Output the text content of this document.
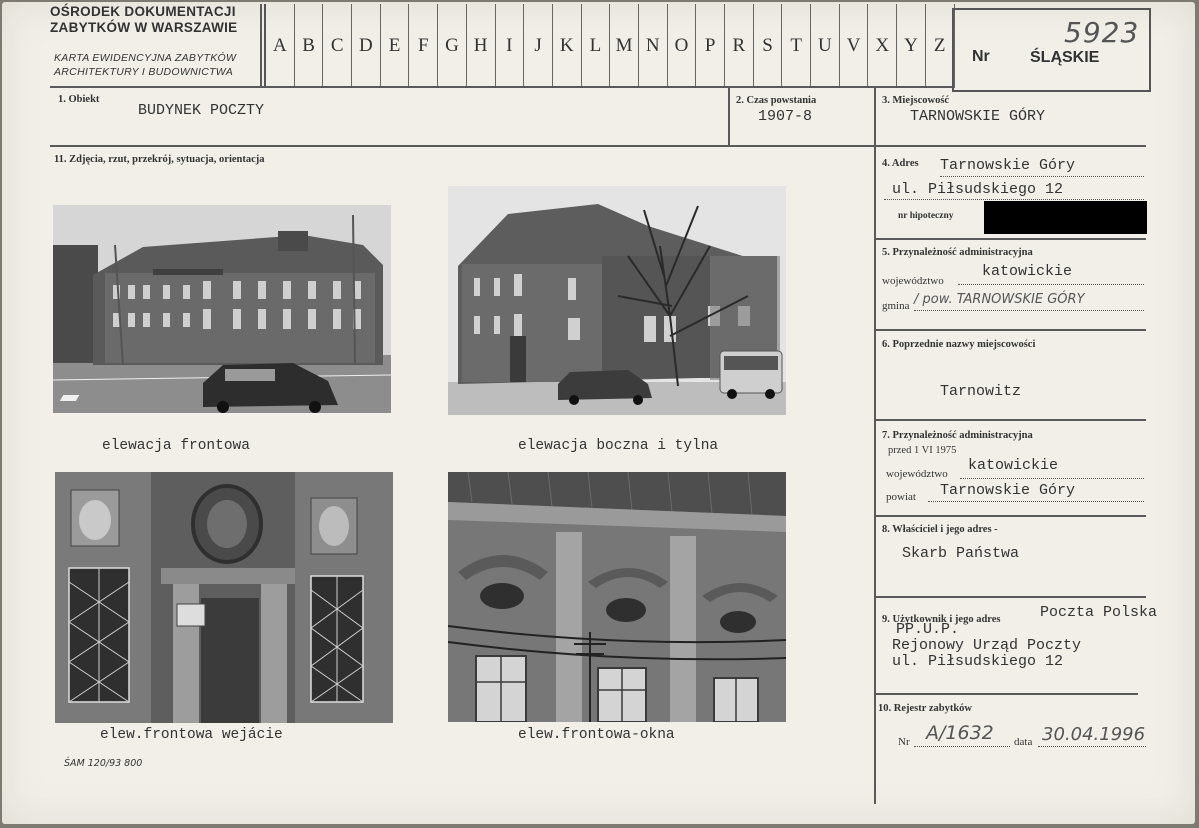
OŚRODEK DOKUMENTACJI
ZABYTKÓW W WARSZAWIE
KARTA EWIDENCYJNA ZABYTKÓW
ARCHITEKTURY I BUDOWNICTWA
A B C D E F G H I	J K L M N O P R S T U V X Y Z	5923
Nr	ŚLĄSKIE
1. Obiekt
BUDYNEK POCZTY
2. Czas powstania
1907-8
3. Miejscowość
TARNOWSKIE GÓRY
11. Zdjęcia, rzut, przekrój, sytuacja, orientacja	4. Adres Tarnowskie Góry
ul. Piłsudskiego 12
nr hipoteczny
5. Przynależność administracyjna
województwo
katowickie
gmina / pow. TARNOWSKIE GÓRY
6. Poprzednie nazwy miejscowości
Tarnowitz
7. Przynależność administracyjna
przed 1 VI 1975
województwo katowickie
powiat Tarnowskie Góry
8. Właściciel i jego adres -
Skarb Państwa
9. Użytkownik i jego adres	Poczta Polska
PP.U.P.
Rejonowy Urząd Poczty
ul. Piłsudskiego 12
10. Rejestr zabytków
Nr A/1632 data 30.04.1996
elewacja frontowa	elewacja boczna i tylna
elew.frontowa wejácie	elew.frontowa-okna
ŚAM 120/93 800
